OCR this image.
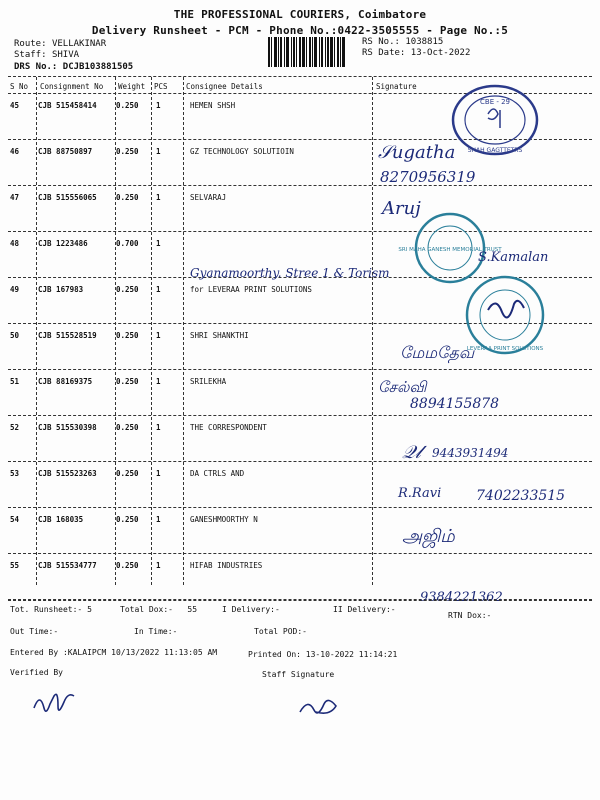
THE PROFESSIONAL COURIERS, Coimbatore
Delivery Runsheet - PCM - Phone No.:0422-3505555 - Page No.:5
Route: VELLAKINAR
Staff: SHIVA
DRS No.: DCJB103881505
RS No.: 1038815
RS Date: 13-Oct-2022
S No Consignment No Weight PCS Consignee Details	Signature
45	CJB 515458414	0.250 1	HEMEN SHSH
46	CJB 88750897	0.250 1	GZ TECHNOLOGY SOLUTIOIN
47	CJB 515556065	0.250 1	SELVARAJ
48	CJB 1223486	0.700 1
49	CJB 167983	0.250 1	for LEVERAA PRINT SOLUTIONS
50	CJB 515528519	0.250 1	SHRI SHANKTHI
51	CJB 88169375	0.250 1	SRILEKHA
52	CJB 515530398	0.250 1	THE CORRESPONDENT
53	CJB 515523263	0.250 1	DA CTRLS AND
54	CJB 168035	0.250 1	GANESHMOORTHY N
55	CJB 515534777	0.250 1	HIFAB INDUSTRIES
CBE - 29
SHAH GAGTTETRS
SRI MAHA GANESH MEMORIAL TRUST
LEVERAA PRINT SOLUTIONS
𝒮ugatha
8270956319
Aruj
Gyanamoorthy. Stree 1 & Torism
S.Kamalan
மேமதேவ
சேல்வி
8894155878
𝒬𝓁 9443931494
R.Ravi 7402233515
அஜிம்
9384221362
Tot. Runsheet:- 5	Total Dox:-   55	I Delivery:-	II Delivery:-
RTN Dox:-
Out Time:-	In Time:-	Total POD:-
Entered By :KALAIPCM 10/13/2022 11:13:05 AM	Printed On: 13-10-2022 11:14:21
Verified By	Staff Signature
